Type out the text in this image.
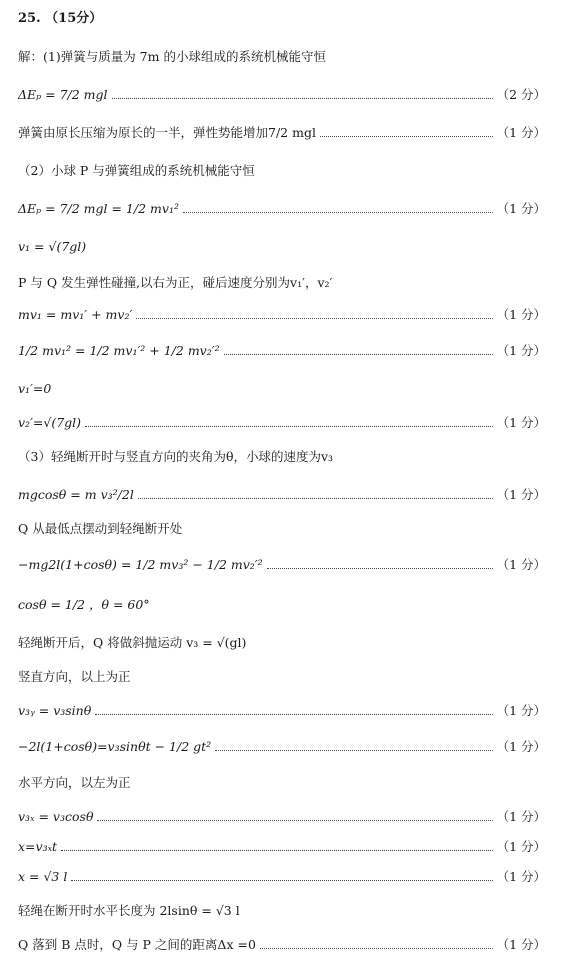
25. （15分）
解：(1)弹簧与质量为 7m 的小球组成的系统机械能守恒
ΔEₚ = 7/2 mgl	（2 分）
弹簧由原长压缩为原长的一半，弹性势能增加7/2 mgl	（1 分）
（2）小球 P 与弹簧组成的系统机械能守恒
ΔEₚ = 7/2 mgl = 1/2 mv₁²	（1 分）
v₁ = √(7gl)
P 与 Q 发生弹性碰撞,以右为正，碰后速度分别为v₁′，v₂′
mv₁ = mv₁′ + mv₂′	（1 分）
1/2 mv₁² = 1/2 mv₁′² + 1/2 mv₂′²	（1 分）
v₁′=0
v₂′=√(7gl)	（1 分）
（3）轻绳断开时与竖直方向的夹角为θ，小球的速度为v₃
mgcosθ = m v₃²/2l	（1 分）
Q 从最低点摆动到轻绳断开处
−mg2l(1+cosθ) = 1/2 mv₃² − 1/2 mv₂′²	（1 分）
cosθ = 1/2 ，θ = 60°
轻绳断开后，Q 将做斜抛运动 v₃ = √(gl)
竖直方向，以上为正
v₃ᵧ = v₃sinθ	（1 分）
−2l(1+cosθ)=v₃sinθt − 1/2 gt²	（1 分）
水平方向，以左为正
v₃ₓ = v₃cosθ	（1 分）
x=v₃ₓt	（1 分）
x = √3 l	（1 分）
轻绳在断开时水平长度为 2lsinθ = √3 l
Q 落到 B 点时，Q 与 P 之间的距离Δx =0	（1 分）
